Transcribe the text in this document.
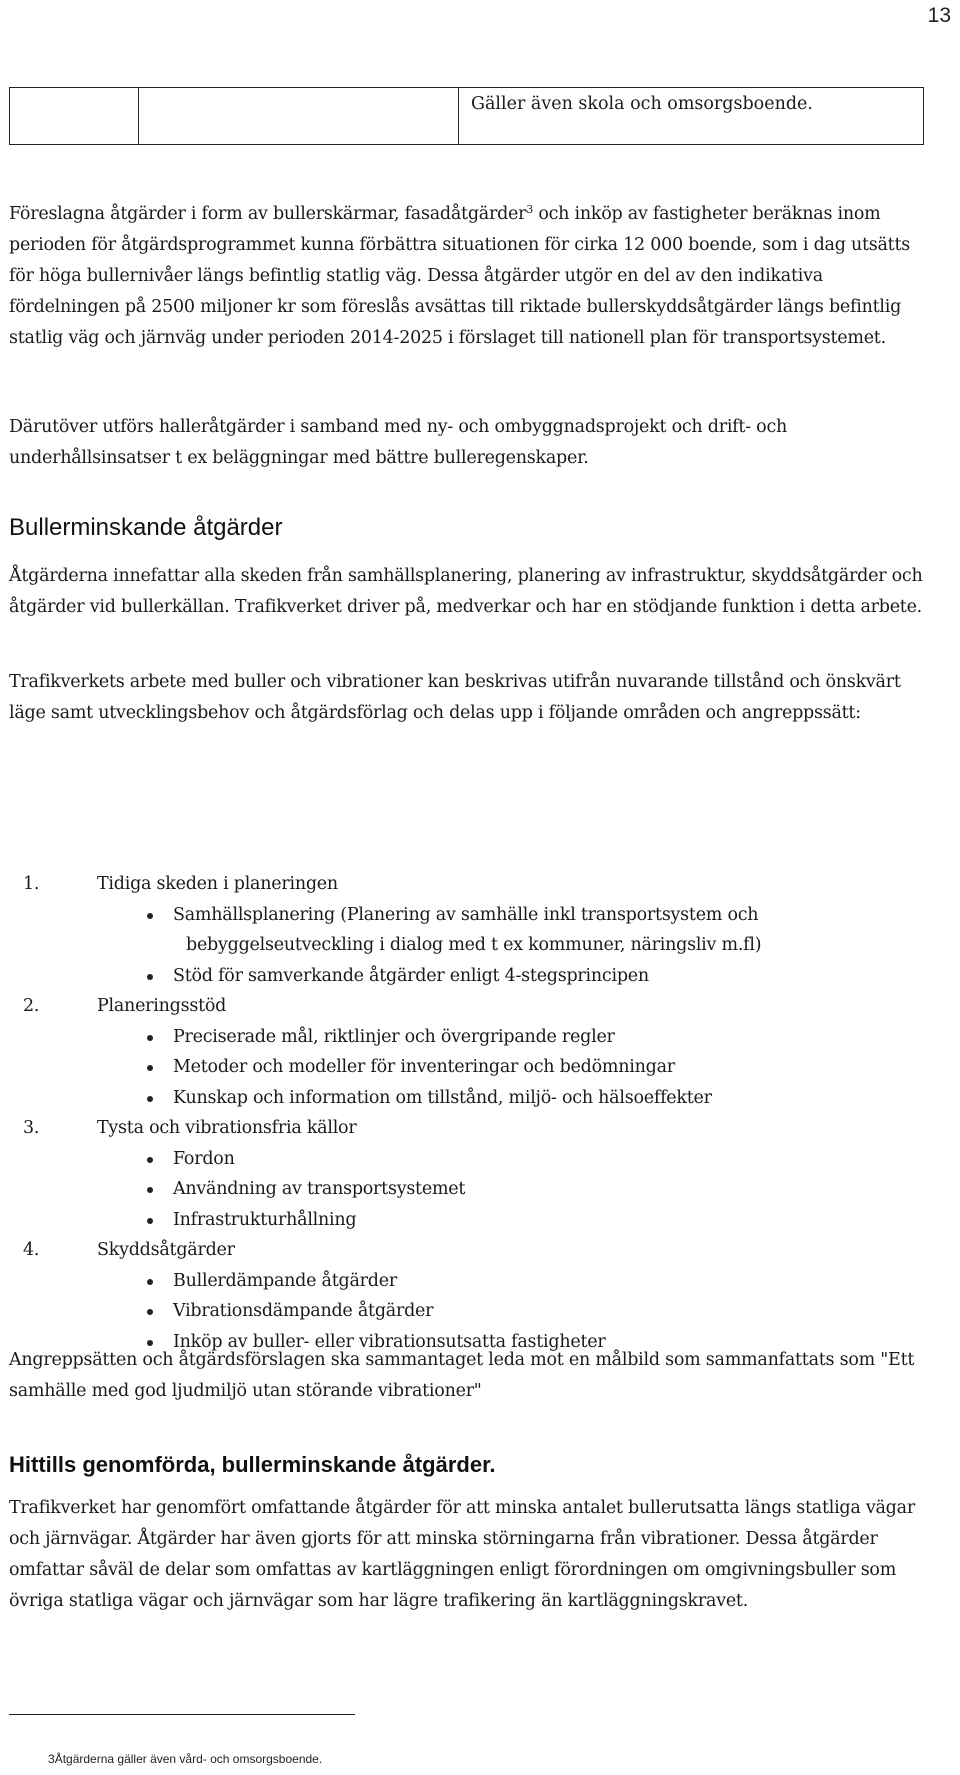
13
		Gäller även skola och omsorgsboende.

Föreslagna åtgärder i form av bullerskärmar, fasadåtgärder$^3$ och inköp av fastigheter beräknas inom perioden för åtgärdsprogrammet kunna förbättra situationen för cirka 12 000 boende, som i dag utsätts för höga bullernivåer längs befintlig statlig väg. Dessa åtgärder utgör en del av den indikativa fördelningen på 2500 miljoner kr som föreslås avsättas till riktade bullerskyddsåtgärder längs befintlig statlig väg och järnväg under perioden 2014-2025 i förslaget till nationell plan för transportsystemet.

Därutöver utförs halleråtgärder i samband med ny- och ombyggnadsprojekt och drift- och underhållsinsatser t ex beläggningar med bättre bulleregenskaper.

Bullerminskande åtgärder

Åtgärderna innefattar alla skeden från samhällsplanering, planering av infrastruktur, skyddsåtgärder och åtgärder vid bullerkällan. Trafikverket driver på, medverkar och har en stödjande funktion i detta arbete.

Trafikverkets arbete med buller och vibrationer kan beskrivas utifrån nuvarande tillstånd och önskvärt läge samt utvecklingsbehov och åtgärdsförlag och delas upp i följande områden och angreppssätt:

1.	Tidiga skeden i planeringen
Samhällsplanering (Planering av samhälle inkl transportsystem och
bebyggelseutveckling i dialog med t ex kommuner, näringsliv m.fl)
Stöd för samverkande åtgärder enligt 4-stegsprincipen
2.	Planeringsstöd
Preciserade mål, riktlinjer och övergripande regler
Metoder och modeller för inventeringar och bedömningar
Kunskap och information om tillstånd, miljö- och hälsoeffekter
3.	Tysta och vibrationsfria källor
Fordon
Användning av transportsystemet
Infrastrukturhållning
4.	Skyddsåtgärder
Bullerdämpande åtgärder
Vibrationsdämpande åtgärder
Inköp av buller- eller vibrationsutsatta fastigheter

Angreppsätten och åtgärdsförslagen ska sammantaget leda mot en målbild som sammanfattats som "Ett samhälle med god ljudmiljö utan störande vibrationer"

Hittills genomförda, bullerminskande åtgärder.

Trafikverket har genomfört omfattande åtgärder för att minska antalet bullerutsatta längs statliga vägar och järnvägar. Åtgärder har även gjorts för att minska störningarna från vibrationer. Dessa åtgärder omfattar såväl de delar som omfattas av kartläggningen enligt förordningen om omgivningsbuller som övriga statliga vägar och järnvägar som har lägre trafikering än kartläggningskravet.

3Åtgärderna gäller även vård- och omsorgsboende.
